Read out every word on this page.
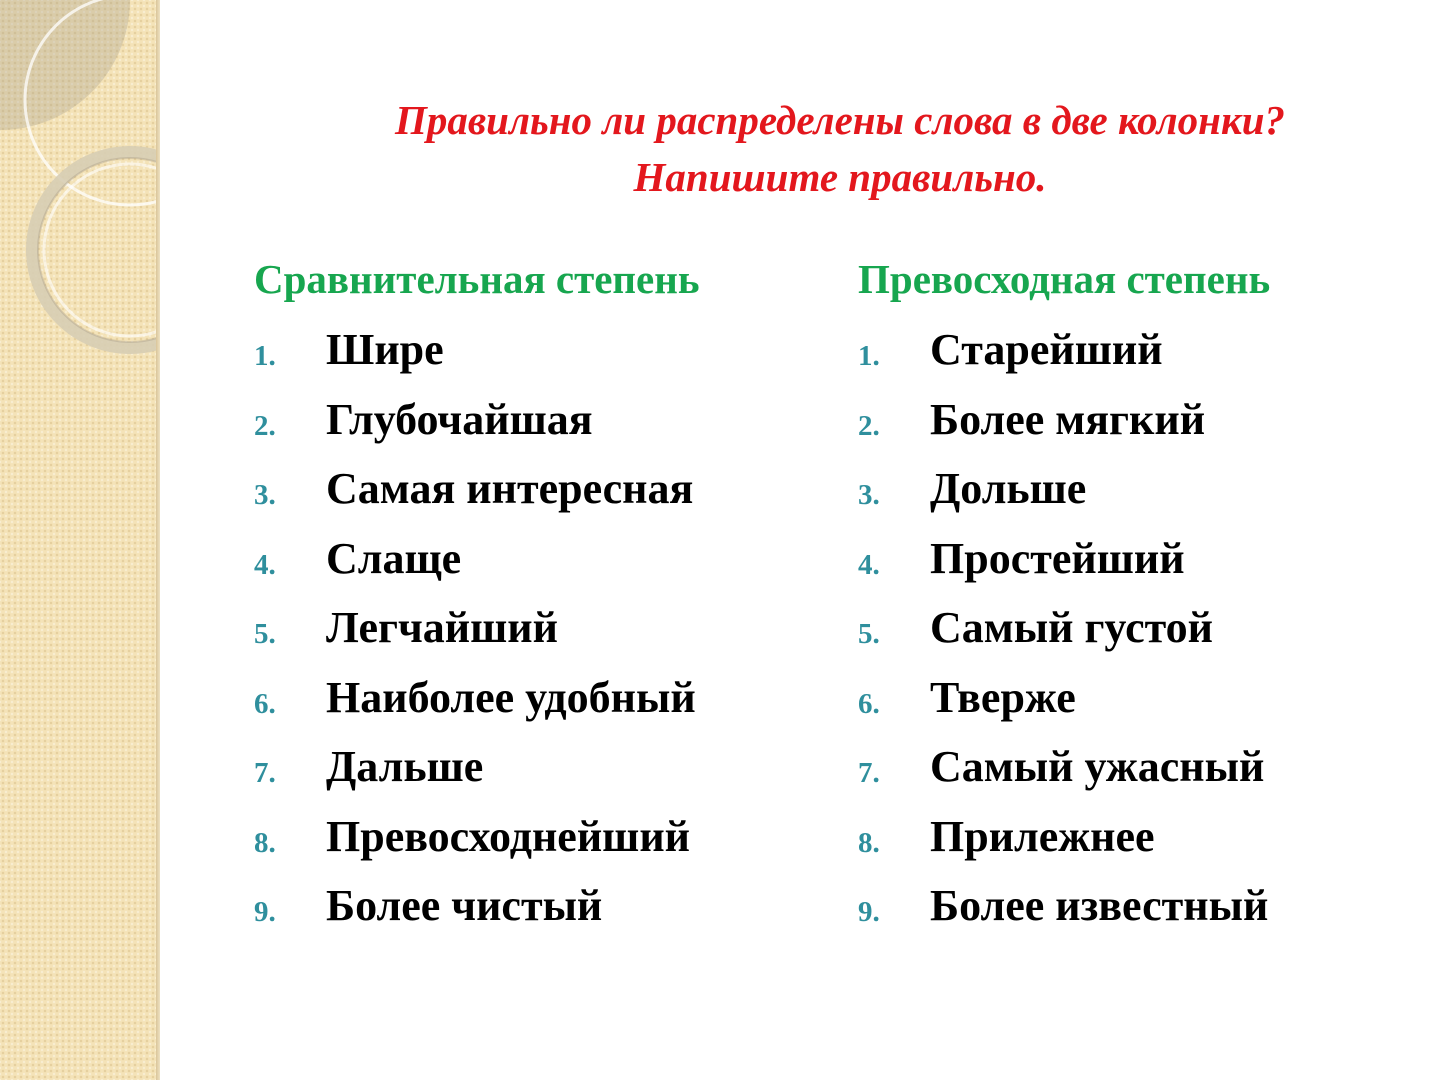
Правильно ли распределены слова в две колонки?
Напишите правильно.
Сравнительная степень
1. Шире
2. Глубочайшая
3. Самая интересная
4. Слаще
5. Легчайший
6. Наиболее удобный
7. Дальше
8. Превосходнейший
9. Более чистый
Превосходная степень
1. Старейший
2. Более мягкий
3. Дольше
4. Простейший
5. Самый густой
6. Тверже
7. Самый ужасный
8. Прилежнее
9. Более известный
